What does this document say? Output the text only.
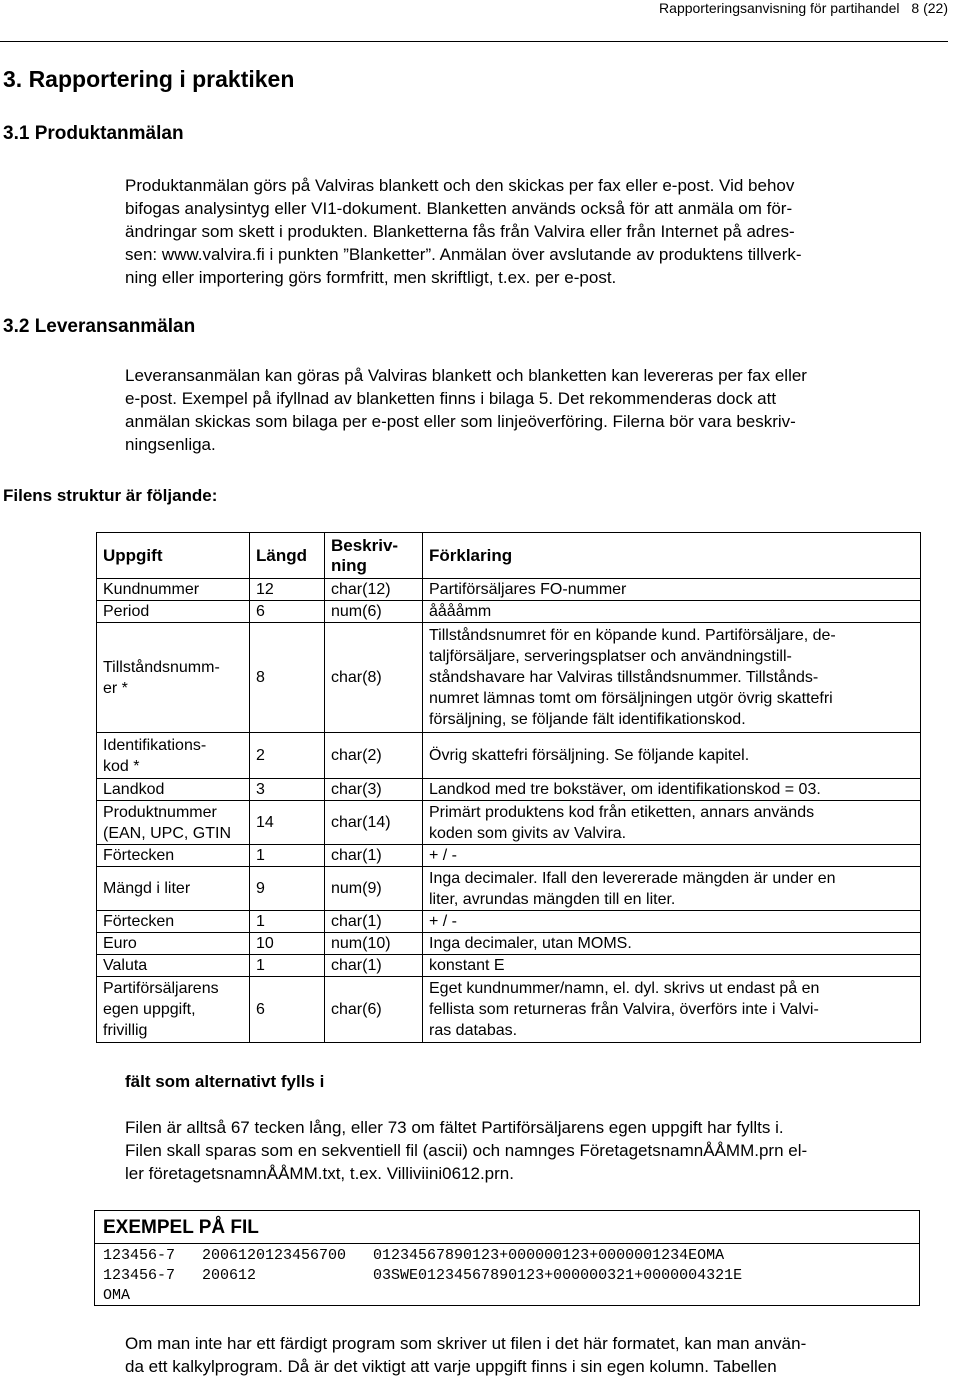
Rapporteringsanvisning för partihandel 8 (22)
3. Rapportering i praktiken
3.1 Produktanmälan

Produktanmälan görs på Valviras blankett och den skickas per fax eller e-post. Vid behov

bifogas analysintyg eller VI1-dokument. Blanketten används också för att anmäla om för-

ändringar som skett i produkten. Blanketterna fås från Valvira eller från Internet på adres-

sen: www.valvira.fi i punkten ”Blanketter”. Anmälan över avslutande av produktens tillverk-

ning eller importering görs formfritt, men skriftligt, t.ex. per e-post.

3.2 Leveransanmälan

Leveransanmälan kan göras på Valviras blankett och blanketten kan levereras per fax eller

e-post. Exempel på ifyllnad av blanketten finns i bilaga 5. Det rekommenderas dock att

anmälan skickas som bilaga per e-post eller som linjeöverföring. Filerna bör vara beskriv-

ningsenliga.

Filens struktur är följande:
Uppgift	Längd	Beskriv-
ning	Förklaring
Kundnummer	12	char(12)	Partiförsäljares FO-nummer
Period	6	num(6)	ååååmm
Tillståndsnumm-
er *	8	char(8)	Tillståndsnumret för en köpande kund. Partiförsäljare, de-
taljförsäljare, serveringsplatser och användningstill-
ståndshavare har Valviras tillståndsnummer. Tillstånds-
numret lämnas tomt om försäljningen utgör övrig skattefri
försäljning, se följande fält identifikationskod.
Identifikations-
kod *	2	char(2)	Övrig skattefri försäljning. Se följande kapitel.
Landkod	3	char(3)	Landkod med tre bokstäver, om identifikationskod = 03.
Produktnummer
(EAN, UPC, GTIN	14	char(14)	Primärt produktens kod från etiketten, annars används
koden som givits av Valvira.
Förtecken	1	char(1)	+ / -
Mängd i liter	9	num(9)	Inga decimaler. Ifall den levererade mängden är under en
liter, avrundas mängden till en liter.
Förtecken	1	char(1)	+ / -
Euro	10	num(10)	Inga decimaler, utan MOMS.
Valuta	1	char(1)	konstant E
Partiförsäljarens
egen uppgift,
frivillig	6	char(6)	Eget kundnummer/namn, el. dyl. skrivs ut endast på en
fellista som returneras från Valvira, överförs inte i Valvi-
ras databas.
fält som alternativt fylls i

Filen är alltså 67 tecken lång, eller 73 om fältet Partiförsäljarens egen uppgift har fyllts i.

Filen skall sparas som en sekventiell fil (ascii) och namnges FöretagetsnamnÅÅMM.prn el-

ler företagetsnamnÅÅMM.txt, t.ex. Villiviini0612.prn.

EXEMPEL PÅ FIL
123456-7   2006120123456700   01234567890123+000000123+0000001234EOMA
123456-7   200612             03SWE01234567890123+000000321+0000004321E
OMA

Om man inte har ett färdigt program som skriver ut filen i det här formatet, kan man använ-

da ett kalkylprogram. Då är det viktigt att varje uppgift finns i sin egen kolumn. Tabellen
